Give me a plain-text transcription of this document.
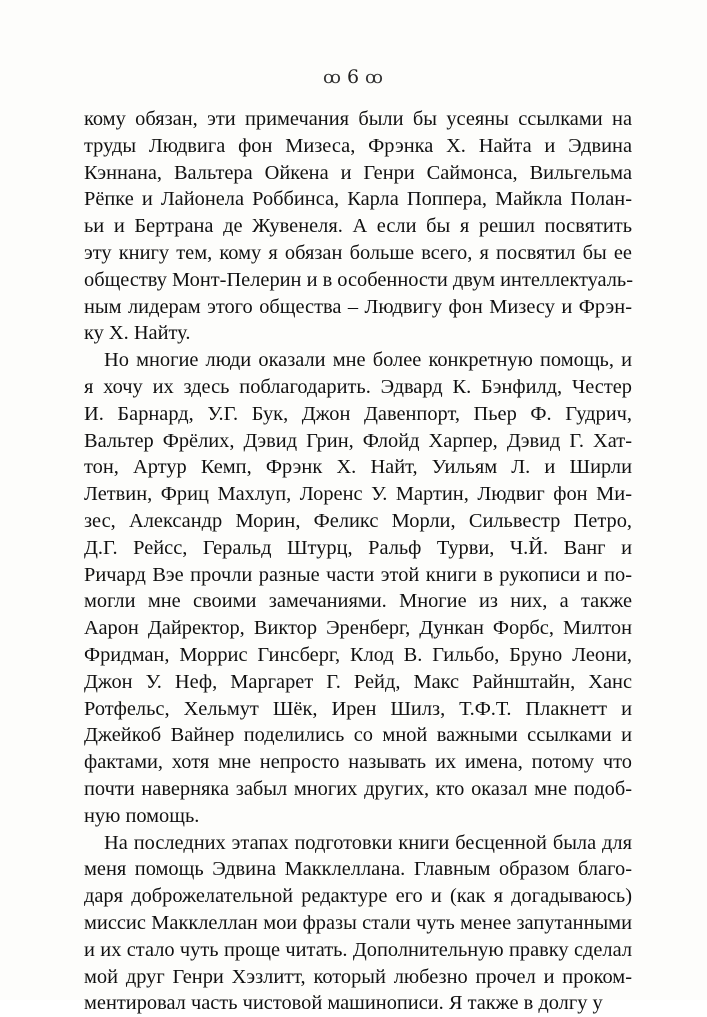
ꝏ 6 ꝏ
кому обязан, эти примечания были бы усеяны ссылками на
труды Людвига фон Мизеса, Фрэнка Х. Найта и Эдвина
Кэннана, Вальтера Ойкена и Генри Саймонса, Вильгельма
Рёпке и Лайонела Роббинса, Карла Поппера, Майкла Полан-
ьи и Бертрана де Жувенеля. А если бы я решил посвятить
эту книгу тем, кому я обязан больше всего, я посвятил бы ее
обществу Монт-Пелерин и в особенности двум интеллектуаль-
ным лидерам этого общества – Людвигу фон Мизесу и Фрэн-
ку Х. Найту.
Но многие люди оказали мне более конкретную помощь, и
я хочу их здесь поблагодарить. Эдвард К. Бэнфилд, Честер
И. Барнард, У.Г. Бук, Джон Давенпорт, Пьер Ф. Гудрич,
Вальтер Фрёлих, Дэвид Грин, Флойд Харпер, Дэвид Г. Хат-
тон, Артур Кемп, Фрэнк Х. Найт, Уильям Л. и Ширли
Летвин, Фриц Махлуп, Лоренс У. Мартин, Людвиг фон Ми-
зес, Александр Морин, Феликс Морли, Сильвестр Петро,
Д.Г. Рейсс, Геральд Штурц, Ральф Турви, Ч.Й. Ванг и
Ричард Вэе прочли разные части этой книги в рукописи и по-
могли мне своими замечаниями. Многие из них, а также
Аарон Дайректор, Виктор Эренберг, Дункан Форбс, Милтон
Фридман, Моррис Гинсберг, Клод В. Гильбо, Бруно Леони,
Джон У. Неф, Маргарет Г. Рейд, Макс Райнштайн, Ханс
Ротфельс, Хельмут Шёк, Ирен Шилз, Т.Ф.Т. Плакнетт и
Джейкоб Вайнер поделились со мной важными ссылками и
фактами, хотя мне непросто называть их имена, потому что
почти наверняка забыл многих других, кто оказал мне подоб-
ную помощь.
На последних этапах подготовки книги бесценной была для
меня помощь Эдвина Макклеллана. Главным образом благо-
даря доброжелательной редактуре его и (как я догадываюсь)
миссис Макклеллан мои фразы стали чуть менее запутанными
и их стало чуть проще читать. Дополнительную правку сделал
мой друг Генри Хэзлитт, который любезно прочел и проком-
ментировал часть чистовой машинописи. Я также в долгу у
